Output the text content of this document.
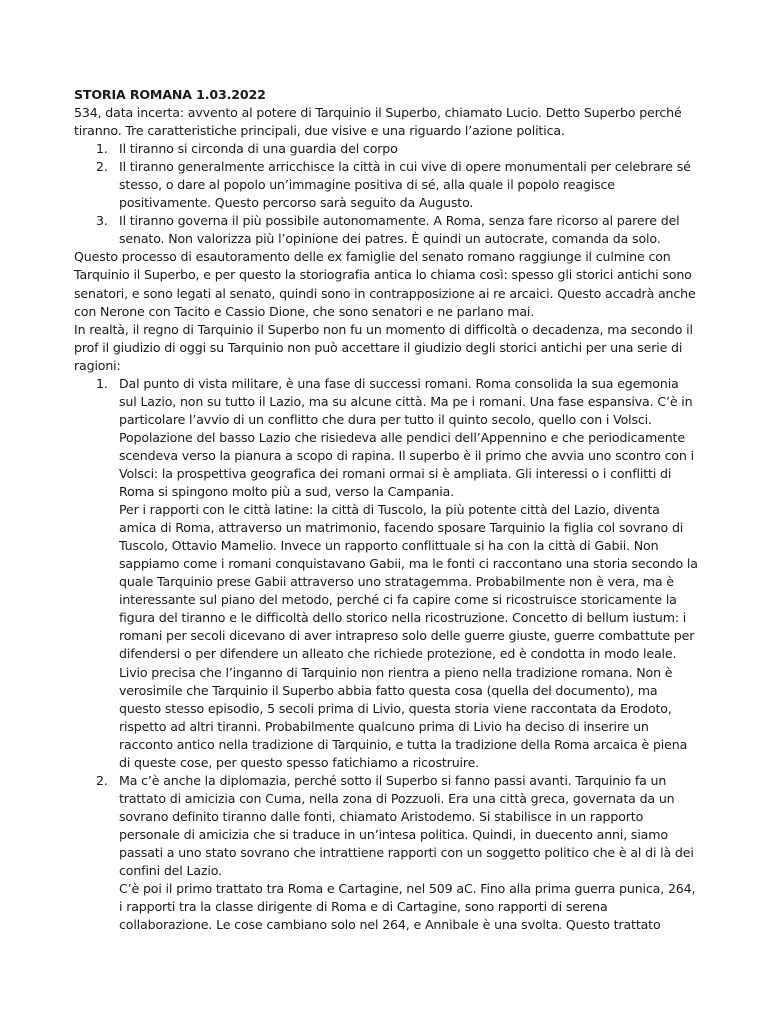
STORIA ROMANA 1.03.2022

534, data incerta: avvento al potere di Tarquinio il Superbo, chiamato Lucio. Detto Superbo perché tiranno. Tre caratteristiche principali, due visive e una riguardo l’azione politica.

1. Il tiranno si circonda di una guardia del corpo
2. Il tiranno generalmente arricchisce la città in cui vive di opere monumentali per celebrare sé stesso, o dare al popolo un’immagine positiva di sé, alla quale il popolo reagisce positivamente. Questo percorso sarà seguito da Augusto.
3. Il tiranno governa il più possibile autonomamente. A Roma, senza fare ricorso al parere del senato. Non valorizza più l’opinione dei patres. È quindi un autocrate, comanda da solo.

Questo processo di esautoramento delle ex famiglie del senato romano raggiunge il culmine con Tarquinio il Superbo, e per questo la storiografia antica lo chiama così: spesso gli storici antichi sono senatori, e sono legati al senato, quindi sono in contrapposizione ai re arcaici. Questo accadrà anche con Nerone con Tacito e Cassio Dione, che sono senatori e ne parlano mai.

In realtà, il regno di Tarquinio il Superbo non fu un momento di difficoltà o decadenza, ma secondo il prof il giudizio di oggi su Tarquinio non può accettare il giudizio degli storici antichi per una serie di ragioni:

1. Dal punto di vista militare, è una fase di successi romani. Roma consolida la sua egemonia sul Lazio, non su tutto il Lazio, ma su alcune città. Ma pe i romani. Una fase espansiva. C’è in particolare l’avvio di un conflitto che dura per tutto il quinto secolo, quello con i Volsci. Popolazione del basso Lazio che risiedeva alle pendici dell’Appennino e che periodicamente scendeva verso la pianura a scopo di rapina. Il superbo è il primo che avvia uno scontro con i Volsci: la prospettiva geografica dei romani ormai si è ampliata. Gli interessi o i conflitti di Roma si spingono molto più a sud, verso la Campania.

Per i rapporti con le città latine: la città di Tuscolo, la più potente città del Lazio, diventa amica di Roma, attraverso un matrimonio, facendo sposare Tarquinio la figlia col sovrano di Tuscolo, Ottavio Mamelio. Invece un rapporto conflittuale si ha con la città di Gabii. Non sappiamo come i romani conquistavano Gabii, ma le fonti ci raccontano una storia secondo la quale Tarquinio prese Gabii attraverso uno stratagemma. Probabilmente non è vera, ma è interessante sul piano del metodo, perché ci fa capire come si ricostruisce storicamente la figura del tiranno e le difficoltà dello storico nella ricostruzione. Concetto di bellum iustum: i romani per secoli dicevano di aver intrapreso solo delle guerre giuste, guerre combattute per difendersi o per difendere un alleato che richiede protezione, ed è condotta in modo leale. Livio precisa che l’inganno di Tarquinio non rientra a pieno nella tradizione romana. Non è verosimile che Tarquinio il Superbo abbia fatto questa cosa (quella del documento), ma questo stesso episodio, 5 secoli prima di Livio, questa storia viene raccontata da Erodoto, rispetto ad altri tiranni. Probabilmente qualcuno prima di Livio ha deciso di inserire un racconto antico nella tradizione di Tarquinio, e tutta la tradizione della Roma arcaica è piena di queste cose, per questo spesso fatichiamo a ricostruire.

2. Ma c’è anche la diplomazia, perché sotto il Superbo si fanno passi avanti. Tarquinio fa un trattato di amicizia con Cuma, nella zona di Pozzuoli. Era una città greca, governata da un sovrano definito tiranno dalle fonti, chiamato Aristodemo. Si stabilisce in un rapporto personale di amicizia che si traduce in un’intesa politica. Quindi, in duecento anni, siamo passati a uno stato sovrano che intrattiene rapporti con un soggetto politico che è al di là dei confini del Lazio.

C’è poi il primo trattato tra Roma e Cartagine, nel 509 aC. Fino alla prima guerra punica, 264, i rapporti tra la classe dirigente di Roma e di Cartagine, sono rapporti di serena collaborazione. Le cose cambiano solo nel 264, e Annibale è una svolta. Questo trattato
